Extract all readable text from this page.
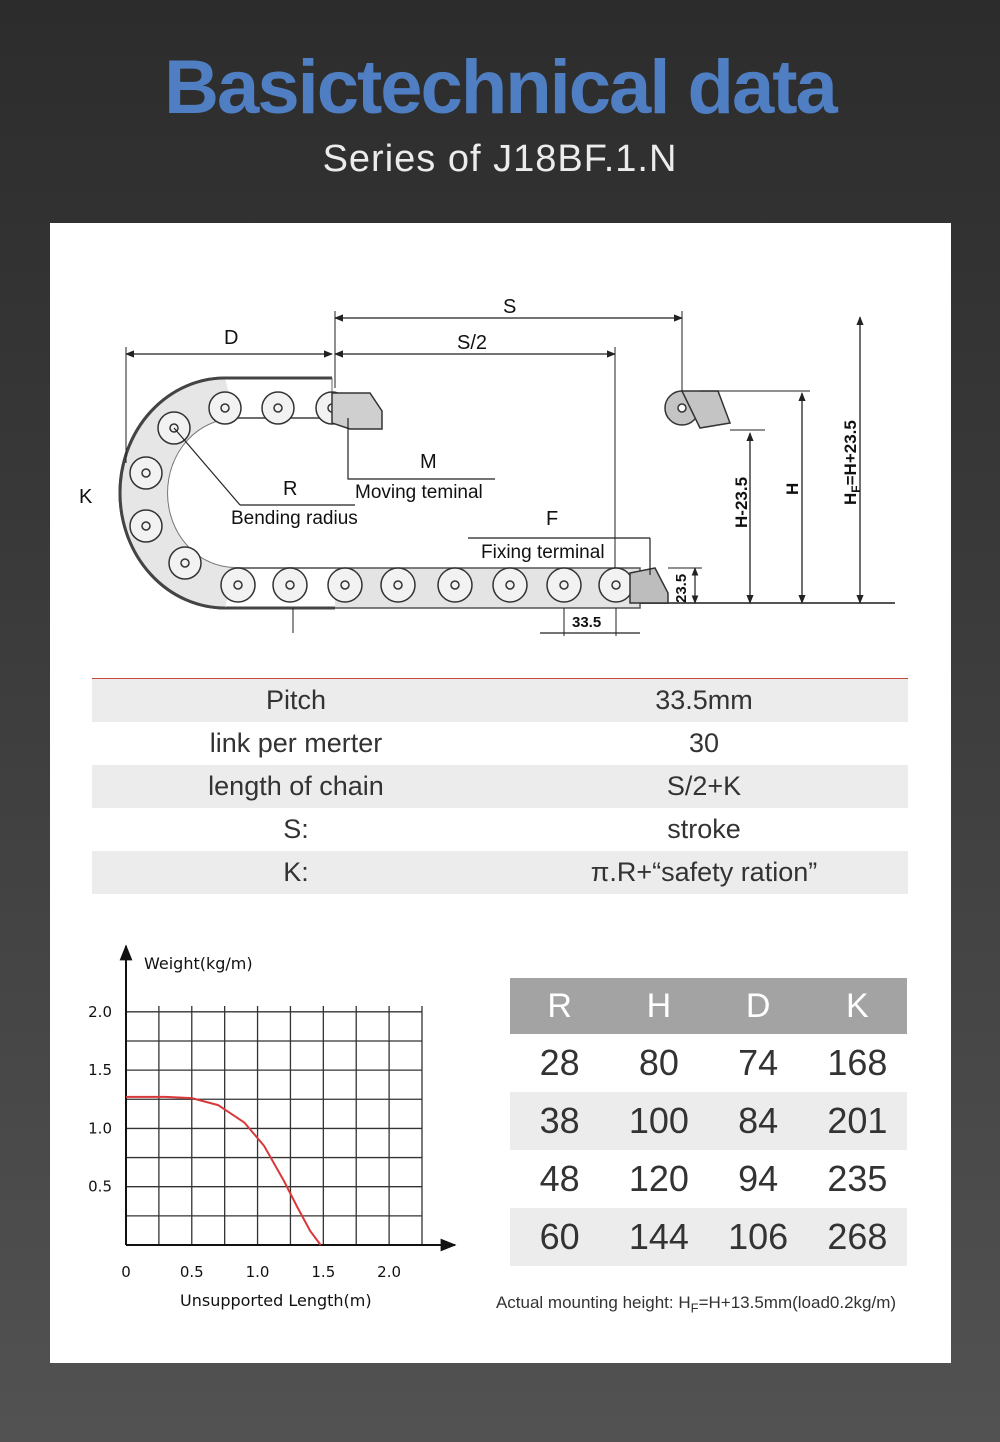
Basictechnical data
Series of J18BF.1.N
S
S/2
D
K
M
Moving teminal
R
Bending radius	F
Fixing terminal
H-23.5 H
$H_F=H+23.5$
23.5
33.5
Pitch	33.5mm
link per merter	30
length of chain	S/2+K
S:	stroke
K:	π.R+“safety ration”
Weight(kg/m)
Unsupported Length(m)
0	0.5	1.0	1.5	2.0
0.5
1.0
1.5
2.0	R	H	D	K
28	80	74	168
38	100	84	201
48	120	94	235
60	144	106	268
Actual mounting height: $H_F=H+13.5mm(load0.2kg/m)$
